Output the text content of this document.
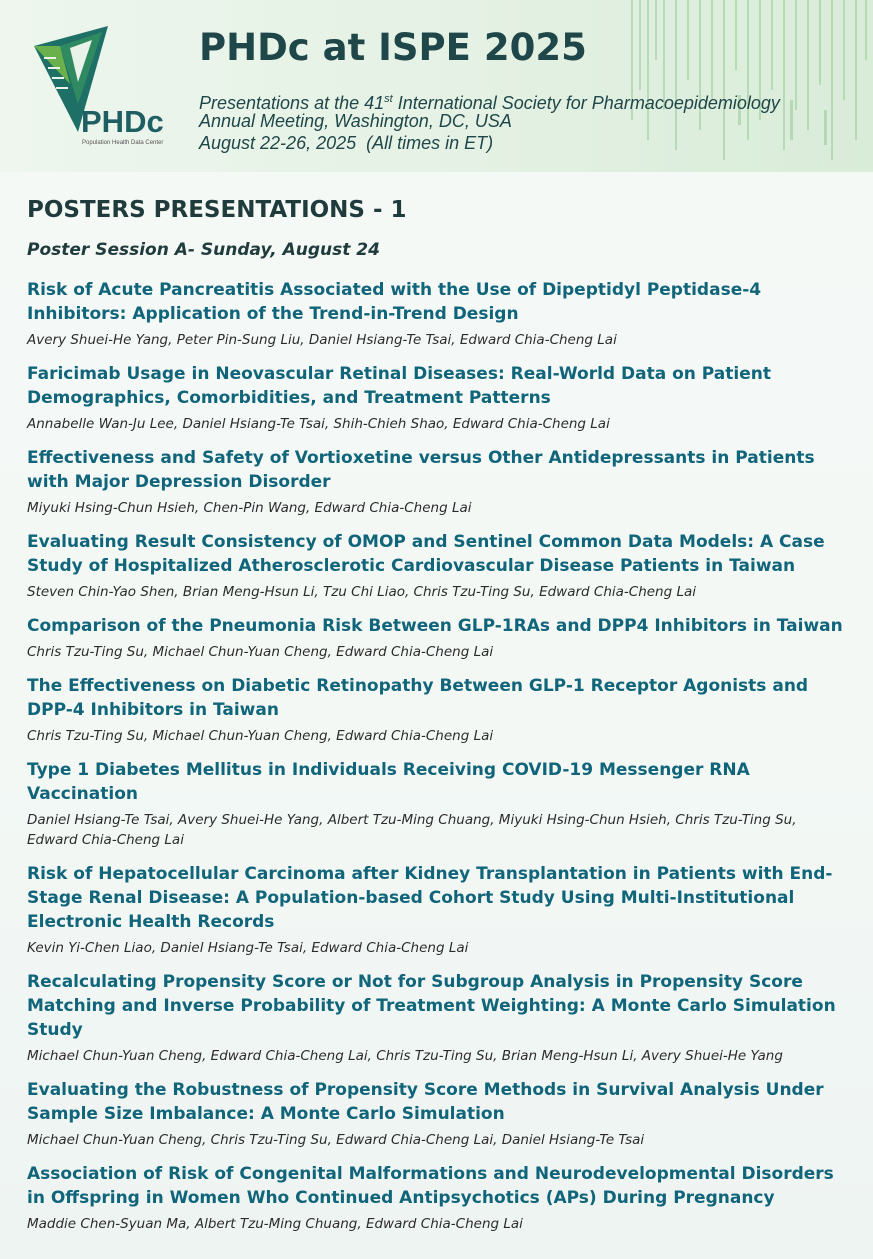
PHDc
Population Health Data Center
PHDc at ISPE 2025

Presentations at the 41st International Society for Pharmacoepidemiology

Annual Meeting, Washington, DC, USA

August 22-26, 2025  (All times in ET)

POSTERS PRESENTATIONS - 1
Poster Session A- Sunday, August 24
Risk of Acute Pancreatitis Associated with the Use of Dipeptidyl Peptidase-4 Inhibitors: Application of the Trend-in-Trend Design
Avery Shuei-He Yang, Peter Pin-Sung Liu, Daniel Hsiang-Te Tsai, Edward Chia-Cheng Lai
Faricimab Usage in Neovascular Retinal Diseases: Real-World Data on Patient Demographics, Comorbidities, and Treatment Patterns
Annabelle Wan-Ju Lee, Daniel Hsiang-Te Tsai, Shih-Chieh Shao, Edward Chia-Cheng Lai
Effectiveness and Safety of Vortioxetine versus Other Antidepressants in Patients with Major Depression Disorder
Miyuki Hsing-Chun Hsieh, Chen-Pin Wang, Edward Chia-Cheng Lai
Evaluating Result Consistency of OMOP and Sentinel Common Data Models: A Case Study of Hospitalized Atherosclerotic Cardiovascular Disease Patients in Taiwan
Steven Chin-Yao Shen, Brian Meng-Hsun Li, Tzu Chi Liao, Chris Tzu-Ting Su, Edward Chia-Cheng Lai
Comparison of the Pneumonia Risk Between GLP-1RAs and DPP4 Inhibitors in Taiwan
Chris Tzu-Ting Su, Michael Chun-Yuan Cheng, Edward Chia-Cheng Lai
The Effectiveness on Diabetic Retinopathy Between GLP-1 Receptor Agonists and DPP-4 Inhibitors in Taiwan
Chris Tzu-Ting Su, Michael Chun-Yuan Cheng, Edward Chia-Cheng Lai
Type 1 Diabetes Mellitus in Individuals Receiving COVID-19 Messenger RNA Vaccination
Daniel Hsiang-Te Tsai, Avery Shuei-He Yang, Albert Tzu-Ming Chuang, Miyuki Hsing-Chun Hsieh, Chris Tzu-Ting Su, Edward Chia-Cheng Lai
Risk of Hepatocellular Carcinoma after Kidney Transplantation in Patients with End-Stage Renal Disease: A Population-based Cohort Study Using Multi-Institutional Electronic Health Records
Kevin Yi-Chen Liao, Daniel Hsiang-Te Tsai, Edward Chia-Cheng Lai
Recalculating Propensity Score or Not for Subgroup Analysis in Propensity Score Matching and Inverse Probability of Treatment Weighting: A Monte Carlo Simulation Study
Michael Chun-Yuan Cheng, Edward Chia-Cheng Lai, Chris Tzu-Ting Su, Brian Meng-Hsun Li, Avery Shuei-He Yang
Evaluating the Robustness of Propensity Score Methods in Survival Analysis Under Sample Size Imbalance: A Monte Carlo Simulation
Michael Chun-Yuan Cheng, Chris Tzu-Ting Su, Edward Chia-Cheng Lai, Daniel Hsiang-Te Tsai
Association of Risk of Congenital Malformations and Neurodevelopmental Disorders in Offspring in Women Who Continued Antipsychotics (APs) During Pregnancy
Maddie Chen-Syuan Ma, Albert Tzu-Ming Chuang, Edward Chia-Cheng Lai
